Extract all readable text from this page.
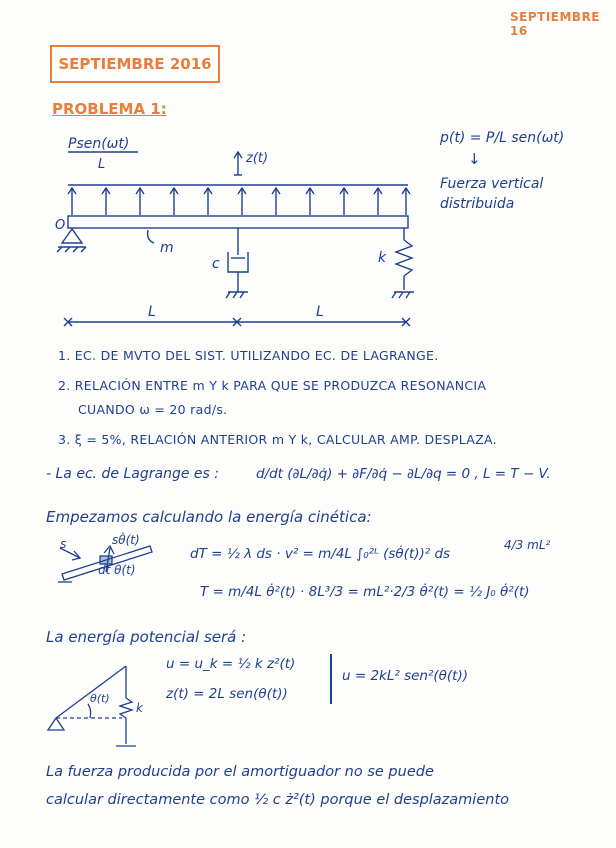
SEPTIEMBRE 16
SEPTIEMBRE 2016
PROBLEMA 1:
Psen(ωt)
L	z(t)
O
m
c	k
L	L
p(t) = P/L sen(ωt)
↓
Fuerza vertical
distribuida
1. EC. DE MVTO DEL SIST. UTILIZANDO EC. DE LAGRANGE.
2. RELACIÓN ENTRE m Y k PARA QUE SE PRODUZCA RESONANCIA
CUANDO ω = 20 rad/s.
3. ξ = 5%, RELACIÓN ANTERIOR m Y k, CALCULAR AMP. DESPLAZA.
- La ec. de Lagrange es :	d/dt (∂L/∂q̇) + ∂F/∂q̇ − ∂L/∂q = 0 , L = T − V.
Empezamos calculando la energía cinética:
s	sθ̇(t)
dt θ(t)
dT = ½ λ ds · v² = m/4L ∫₀²ᴸ (sθ̇(t))² ds
4/3 mL²
T = m/4L θ̇²(t) · 8L³/3 = mL²·2/3 θ̇²(t) = ½ J₀ θ̇²(t)
La energía potencial será :
u = u_k = ½ k z²(t)
z(t) = 2L sen(θ(t))
u = 2kL² sen²(θ(t))
θ(t)
k
La fuerza producida por el amortiguador no se puede
calcular directamente como ½ c ż²(t) porque el desplazamiento
